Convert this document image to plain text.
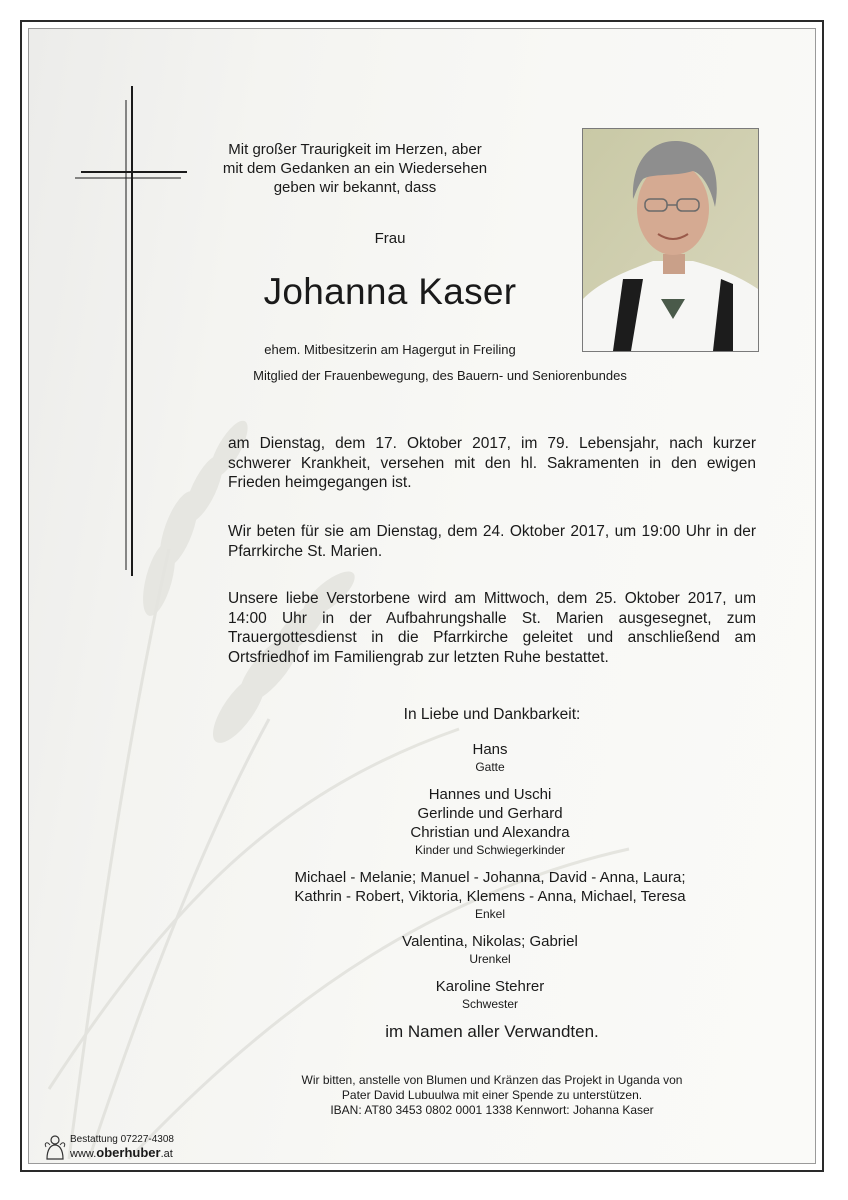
Mit großer Traurigkeit im Herzen, aber
mit dem Gedanken an ein Wiedersehen
geben wir bekannt, dass
Frau
Johanna Kaser
ehem. Mitbesitzerin am Hagergut in Freiling
Mitglied der Frauenbewegung, des Bauern- und Seniorenbundes
am Dienstag, dem 17. Oktober 2017, im 79. Lebensjahr, nach kurzer schwerer Krankheit, versehen mit den hl. Sakramenten in den ewigen Frieden heimgegangen ist.
Wir beten für sie am Dienstag, dem 24. Oktober 2017, um 19:00 Uhr in der Pfarrkirche St. Marien.
Unsere liebe Verstorbene wird am Mittwoch, dem 25. Oktober 2017, um 14:00 Uhr in der Aufbahrungshalle St. Marien ausgesegnet, zum Trauergottesdienst in die Pfarrkirche geleitet und anschließend am Ortsfriedhof im Familiengrab zur letzten Ruhe bestattet.
In Liebe und Dankbarkeit:
Hans
Gatte
Hannes und Uschi
Gerlinde und Gerhard
Christian und Alexandra
Kinder und Schwiegerkinder
Michael - Melanie; Manuel - Johanna, David - Anna, Laura;
Kathrin - Robert, Viktoria, Klemens - Anna, Michael, Teresa
Enkel
Valentina, Nikolas; Gabriel
Urenkel
Karoline Stehrer
Schwester
im Namen aller Verwandten.
Wir bitten, anstelle von Blumen und Kränzen das Projekt in Uganda von
Pater David Lubuulwa mit einer Spende zu unterstützen.
IBAN: AT80 3453 0802 0001 1338 Kennwort: Johanna Kaser
Bestattung 07227-4308
www.oberhuber.at
